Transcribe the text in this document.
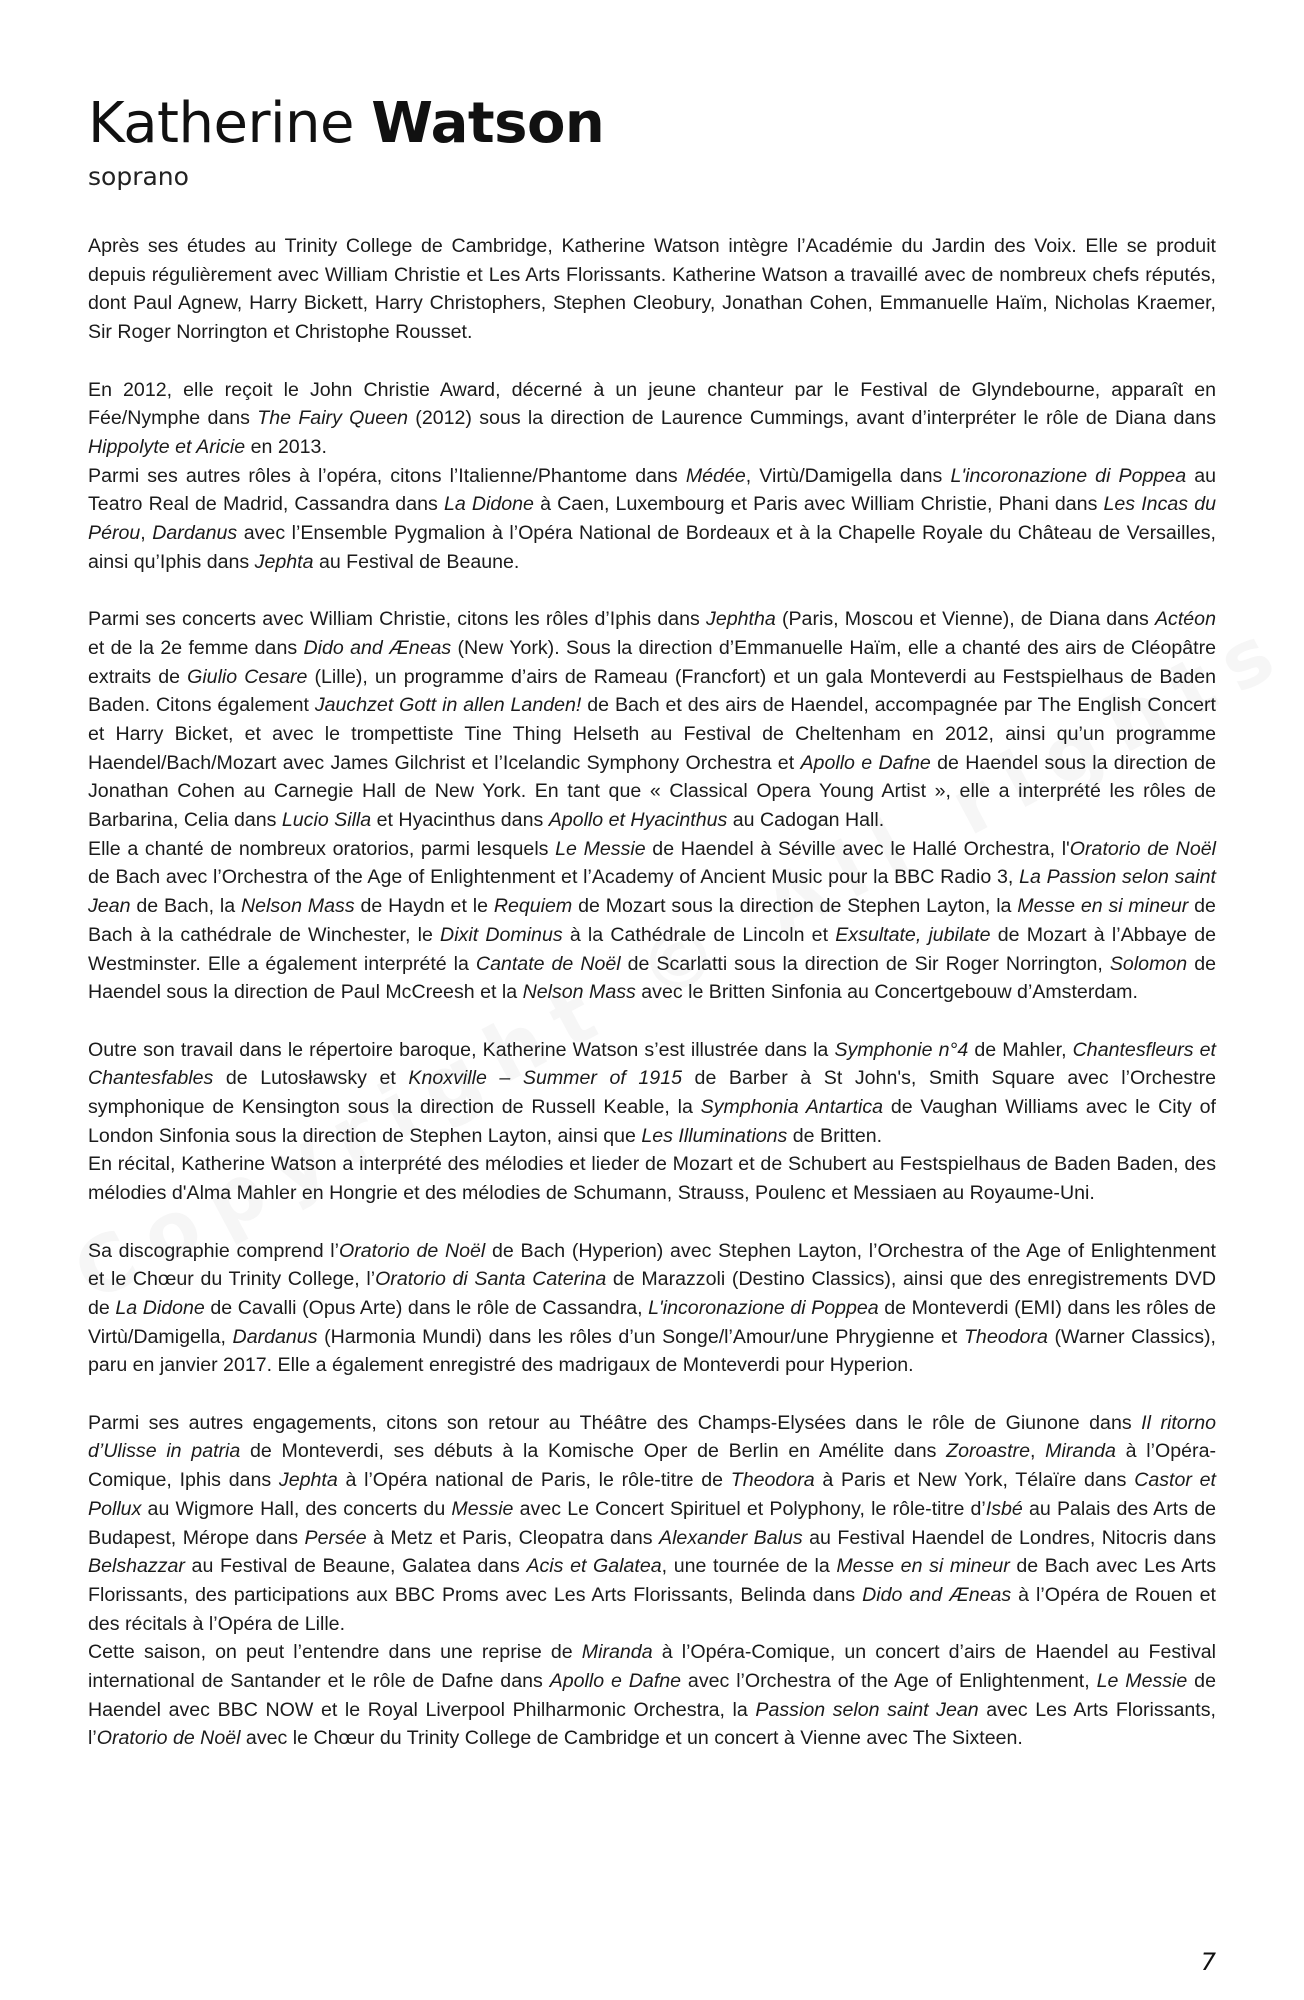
Katherine Watson
soprano

Après ses études au Trinity College de Cambridge, Katherine Watson intègre l’Académie du Jardin des Voix. Elle se produit depuis régulièrement avec William Christie et Les Arts Florissants. Katherine Watson a travaillé avec de nombreux chefs réputés, dont Paul Agnew, Harry Bickett, Harry Christophers, Stephen Cleobury, Jonathan Cohen, Emmanuelle Haïm, Nicholas Kraemer, Sir Roger Norrington et Christophe Rousset.

En 2012, elle reçoit le John Christie Award, décerné à un jeune chanteur par le Festival de Glyndebourne, apparaît en Fée/Nymphe dans The Fairy Queen (2012) sous la direction de Laurence Cummings, avant d’interpréter le rôle de Diana dans Hippolyte et Aricie en 2013.

Parmi ses autres rôles à l’opéra, citons l’Italienne/Phantome dans Médée, Virtù/Damigella dans L'incoronazione di Poppea au Teatro Real de Madrid, Cassandra dans La Didone à Caen, Luxembourg et Paris avec William Christie, Phani dans Les Incas du Pérou, Dardanus avec l’Ensemble Pygmalion à l’Opéra National de Bordeaux et à la Chapelle Royale du Château de Versailles, ainsi qu’Iphis dans Jephta au Festival de Beaune.

Parmi ses concerts avec William Christie, citons les rôles d’Iphis dans Jephtha (Paris, Moscou et Vienne), de Diana dans Actéon et de la 2e femme dans Dido and Æneas (New York). Sous la direction d’Emmanuelle Haïm, elle a chanté des airs de Cléopâtre extraits de Giulio Cesare (Lille), un programme d’airs de Rameau (Francfort) et un gala Monteverdi au Festspielhaus de Baden Baden. Citons également Jauchzet Gott in allen Landen! de Bach et des airs de Haendel, accompagnée par The English Concert et Harry Bicket, et avec le trompettiste Tine Thing Helseth au Festival de Cheltenham en 2012, ainsi qu’un programme Haendel/Bach/Mozart avec James Gilchrist et l’Icelandic Symphony Orchestra et Apollo e Dafne de Haendel sous la direction de Jonathan Cohen au Carnegie Hall de New York. En tant que « Classical Opera Young Artist », elle a interprété les rôles de Barbarina, Celia dans Lucio Silla et Hyacinthus dans Apollo et Hyacinthus au Cadogan Hall.

Elle a chanté de nombreux oratorios, parmi lesquels Le Messie de Haendel à Séville avec le Hallé Orchestra, l'Oratorio de Noël de Bach avec l’Orchestra of the Age of Enlightenment et l’Academy of Ancient Music pour la BBC Radio 3, La Passion selon saint Jean de Bach, la Nelson Mass de Haydn et le Requiem de Mozart sous la direction de Stephen Layton, la Messe en si mineur de Bach à la cathédrale de Winchester, le Dixit Dominus à la Cathédrale de Lincoln et Exsultate, jubilate de Mozart à l’Abbaye de Westminster. Elle a également interprété la Cantate de Noël de Scarlatti sous la direction de Sir Roger Norrington, Solomon de Haendel sous la direction de Paul McCreesh et la Nelson Mass avec le Britten Sinfonia au Concertgebouw d’Amsterdam.

Outre son travail dans le répertoire baroque, Katherine Watson s’est illustrée dans la Symphonie n°4 de Mahler, Chantesfleurs et Chantesfables de Lutosławsky et Knoxville – Summer of 1915 de Barber à St John's, Smith Square avec l’Orchestre symphonique de Kensington sous la direction de Russell Keable, la Symphonia Antartica de Vaughan Williams avec le City of London Sinfonia sous la direction de Stephen Layton, ainsi que Les Illuminations de Britten.

En récital, Katherine Watson a interprété des mélodies et lieder de Mozart et de Schubert au Festspielhaus de Baden Baden, des mélodies d'Alma Mahler en Hongrie et des mélodies de Schumann, Strauss, Poulenc et Messiaen au Royaume-Uni.

Sa discographie comprend l’Oratorio de Noël de Bach (Hyperion) avec Stephen Layton, l’Orchestra of the Age of Enlightenment et le Chœur du Trinity College, l’Oratorio di Santa Caterina de Marazzoli (Destino Classics), ainsi que des enregistrements DVD de La Didone de Cavalli (Opus Arte) dans le rôle de Cassandra, L'incoronazione di Poppea de Monteverdi (EMI) dans les rôles de Virtù/Damigella, Dardanus (Harmonia Mundi) dans les rôles d’un Songe/l’Amour/une Phrygienne et Theodora (Warner Classics), paru en janvier 2017. Elle a également enregistré des madrigaux de Monteverdi pour Hyperion.

Parmi ses autres engagements, citons son retour au Théâtre des Champs-Elysées dans le rôle de Giunone dans Il ritorno d’Ulisse in patria de Monteverdi, ses débuts à la Komische Oper de Berlin en Amélite dans Zoroastre, Miranda à l’Opéra-Comique, Iphis dans Jephta à l’Opéra national de Paris, le rôle-titre de Theodora à Paris et New York, Télaïre dans Castor et Pollux au Wigmore Hall, des concerts du Messie avec Le Concert Spirituel et Polyphony, le rôle-titre d’Isbé au Palais des Arts de Budapest, Mérope dans Persée à Metz et Paris, Cleopatra dans Alexander Balus au Festival Haendel de Londres, Nitocris dans Belshazzar au Festival de Beaune, Galatea dans Acis et Galatea, une tournée de la Messe en si mineur de Bach avec Les Arts Florissants, des participations aux BBC Proms avec Les Arts Florissants, Belinda dans Dido and Æneas à l’Opéra de Rouen et des récitals à l’Opéra de Lille.

Cette saison, on peut l’entendre dans une reprise de Miranda à l’Opéra-Comique, un concert d’airs de Haendel au Festival international de Santander et le rôle de Dafne dans Apollo e Dafne avec l’Orchestra of the Age of Enlightenment, Le Messie de Haendel avec BBC NOW et le Royal Liverpool Philharmonic Orchestra, la Passion selon saint Jean avec Les Arts Florissants, l’Oratorio de Noël avec le Chœur du Trinity College de Cambridge et un concert à Vienne avec The Sixteen.

7
